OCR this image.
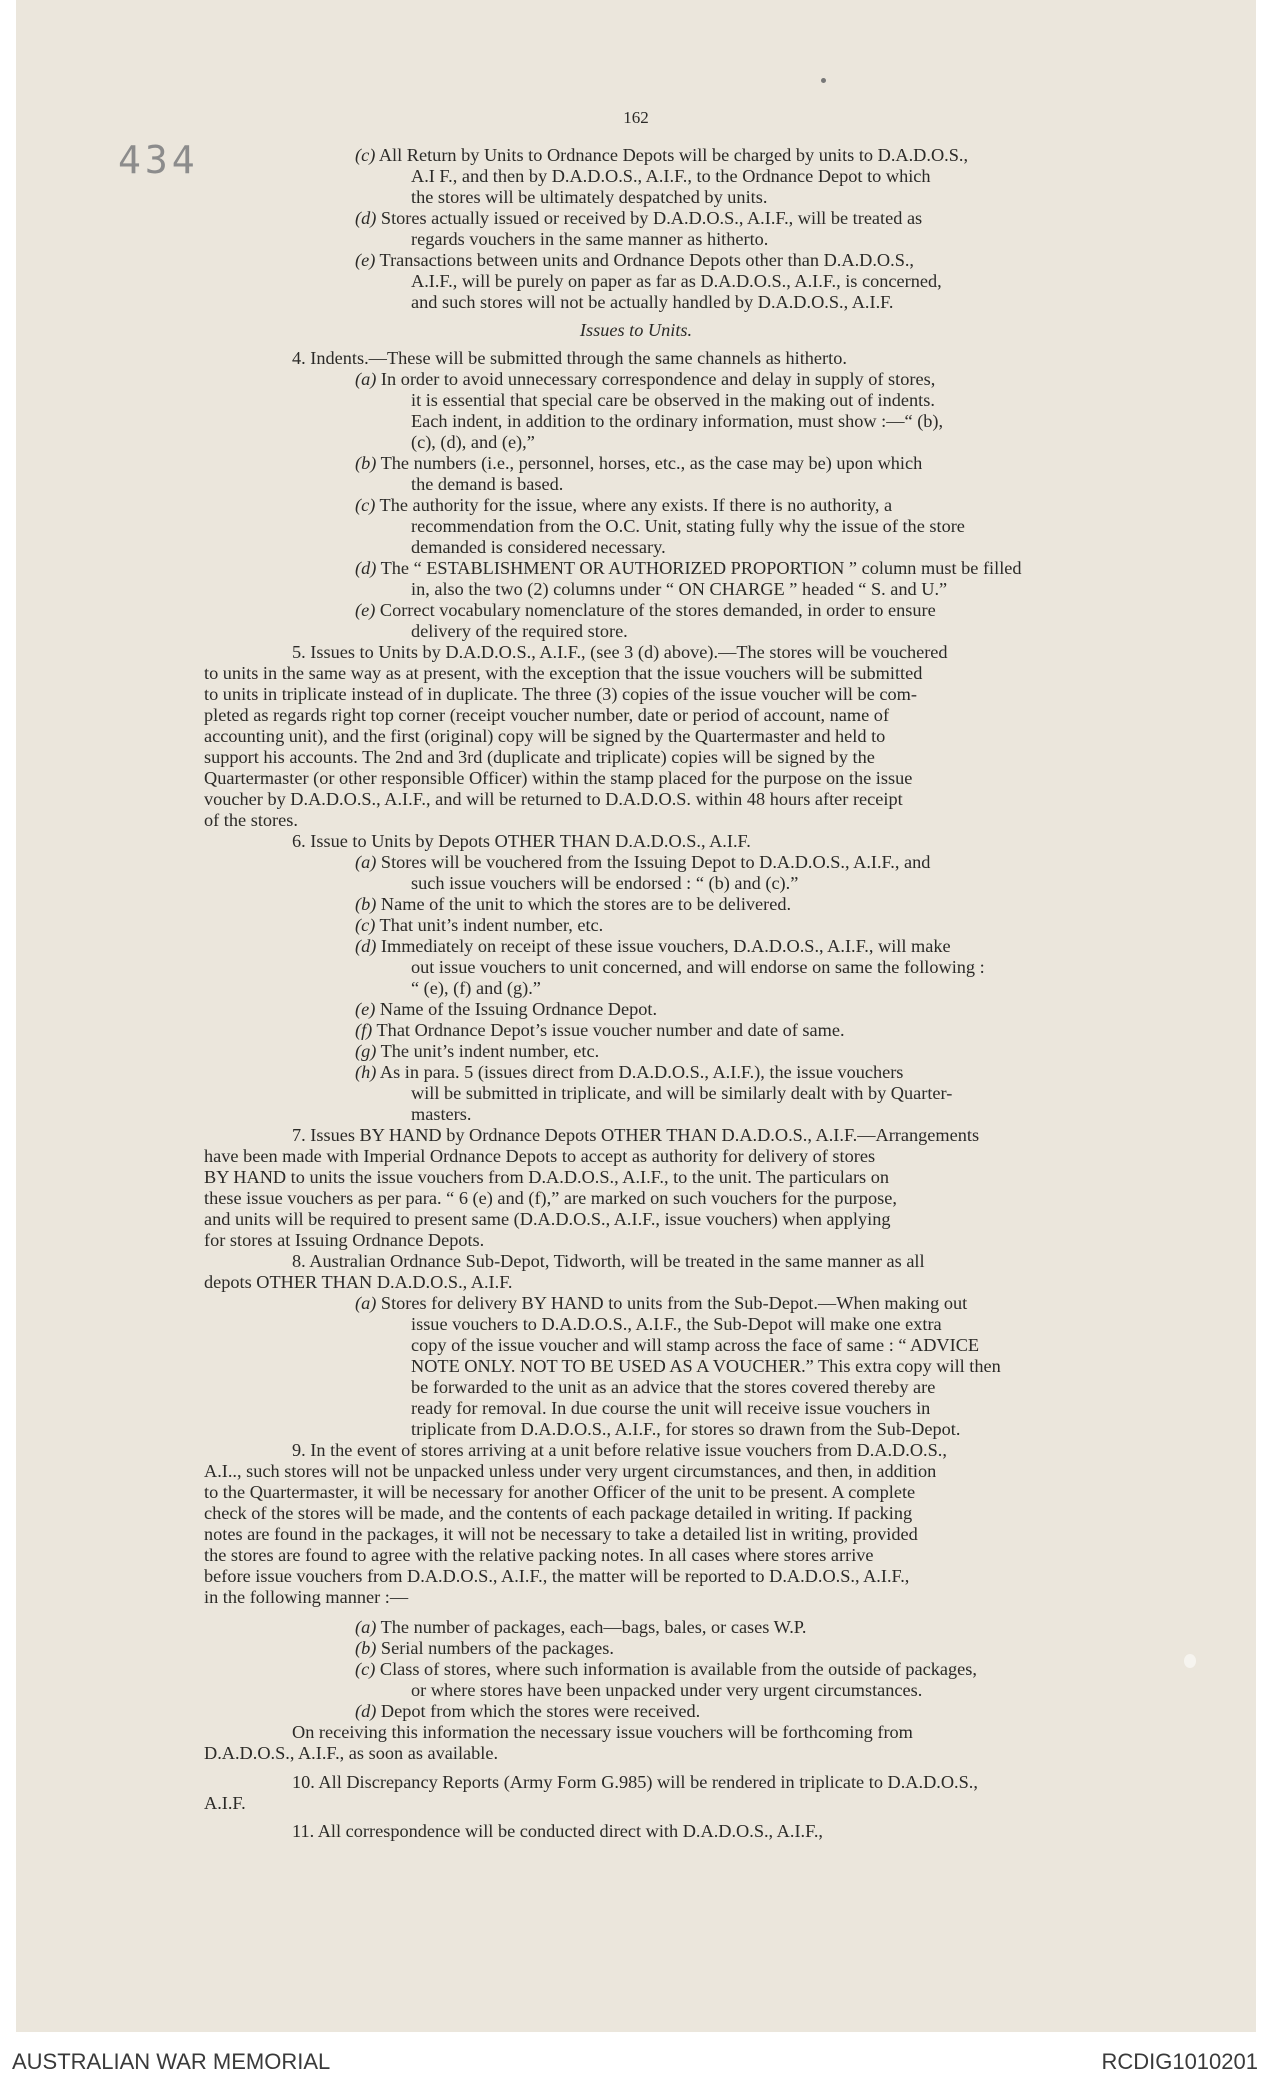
162
434	(c) All Return by Units to Ordnance Depots will be charged by units to D.A.D.O.S.,
A.I F., and then by D.A.D.O.S., A.I.F., to the Ordnance Depot to which
the stores will be ultimately despatched by units.
(d) Stores actually issued or received by D.A.D.O.S., A.I.F., will be treated as
regards vouchers in the same manner as hitherto.
(e) Transactions between units and Ordnance Depots other than D.A.D.O.S.,
A.I.F., will be purely on paper as far as D.A.D.O.S., A.I.F., is concerned,
and such stores will not be actually handled by D.A.D.O.S., A.I.F.
Issues to Units.
4. Indents.—These will be submitted through the same channels as hitherto.
(a) In order to avoid unnecessary correspondence and delay in supply of stores,
it is essential that special care be observed in the making out of indents.
Each indent, in addition to the ordinary information, must show :—“ (b),
(c), (d), and (e),”
(b) The numbers (i.e., personnel, horses, etc., as the case may be) upon which
the demand is based.
(c) The authority for the issue, where any exists. If there is no authority, a
recommendation from the O.C. Unit, stating fully why the issue of the store
demanded is considered necessary.
(d) The “ ESTABLISHMENT OR AUTHORIZED PROPORTION ” column must be filled
in, also the two (2) columns under “ ON CHARGE ” headed “ S. and U.”
(e) Correct vocabulary nomenclature of the stores demanded, in order to ensure
delivery of the required store.
5. Issues to Units by D.A.D.O.S., A.I.F., (see 3 (d) above).—The stores will be vouchered
to units in the same way as at present, with the exception that the issue vouchers will be submitted
to units in triplicate instead of in duplicate. The three (3) copies of the issue voucher will be com-
pleted as regards right top corner (receipt voucher number, date or period of account, name of
accounting unit), and the first (original) copy will be signed by the Quartermaster and held to
support his accounts. The 2nd and 3rd (duplicate and triplicate) copies will be signed by the
Quartermaster (or other responsible Officer) within the stamp placed for the purpose on the issue
voucher by D.A.D.O.S., A.I.F., and will be returned to D.A.D.O.S. within 48 hours after receipt
of the stores.
6. Issue to Units by Depots OTHER THAN D.A.D.O.S., A.I.F.
(a) Stores will be vouchered from the Issuing Depot to D.A.D.O.S., A.I.F., and
such issue vouchers will be endorsed : “ (b) and (c).”
(b) Name of the unit to which the stores are to be delivered.
(c) That unit’s indent number, etc.
(d) Immediately on receipt of these issue vouchers, D.A.D.O.S., A.I.F., will make
out issue vouchers to unit concerned, and will endorse on same the following :
“ (e), (f) and (g).”
(e) Name of the Issuing Ordnance Depot.
(f) That Ordnance Depot’s issue voucher number and date of same.
(g) The unit’s indent number, etc.
(h) As in para. 5 (issues direct from D.A.D.O.S., A.I.F.), the issue vouchers
will be submitted in triplicate, and will be similarly dealt with by Quarter-
masters.
7. Issues BY HAND by Ordnance Depots OTHER THAN D.A.D.O.S., A.I.F.—Arrangements
have been made with Imperial Ordnance Depots to accept as authority for delivery of stores
BY HAND to units the issue vouchers from D.A.D.O.S., A.I.F., to the unit. The particulars on
these issue vouchers as per para. “ 6 (e) and (f),” are marked on such vouchers for the purpose,
and units will be required to present same (D.A.D.O.S., A.I.F., issue vouchers) when applying
for stores at Issuing Ordnance Depots.
8. Australian Ordnance Sub-Depot, Tidworth, will be treated in the same manner as all
depots OTHER THAN D.A.D.O.S., A.I.F.
(a) Stores for delivery BY HAND to units from the Sub-Depot.—When making out
issue vouchers to D.A.D.O.S., A.I.F., the Sub-Depot will make one extra
copy of the issue voucher and will stamp across the face of same : “ ADVICE
NOTE ONLY. NOT TO BE USED AS A VOUCHER.” This extra copy will then
be forwarded to the unit as an advice that the stores covered thereby are
ready for removal. In due course the unit will receive issue vouchers in
triplicate from D.A.D.O.S., A.I.F., for stores so drawn from the Sub-Depot.
9. In the event of stores arriving at a unit before relative issue vouchers from D.A.D.O.S.,
A.I.., such stores will not be unpacked unless under very urgent circumstances, and then, in addition
to the Quartermaster, it will be necessary for another Officer of the unit to be present. A complete
check of the stores will be made, and the contents of each package detailed in writing. If packing
notes are found in the packages, it will not be necessary to take a detailed list in writing, provided
the stores are found to agree with the relative packing notes. In all cases where stores arrive
before issue vouchers from D.A.D.O.S., A.I.F., the matter will be reported to D.A.D.O.S., A.I.F.,
in the following manner :—
(a) The number of packages, each—bags, bales, or cases W.P.
(b) Serial numbers of the packages.
(c) Class of stores, where such information is available from the outside of packages,
or where stores have been unpacked under very urgent circumstances.
(d) Depot from which the stores were received.
On receiving this information the necessary issue vouchers will be forthcoming from
D.A.D.O.S., A.I.F., as soon as available.
10. All Discrepancy Reports (Army Form G.985) will be rendered in triplicate to D.A.D.O.S.,
A.I.F.
11. All correspondence will be conducted direct with D.A.D.O.S., A.I.F.,
AUSTRALIAN WAR MEMORIAL	RCDIG1010201
